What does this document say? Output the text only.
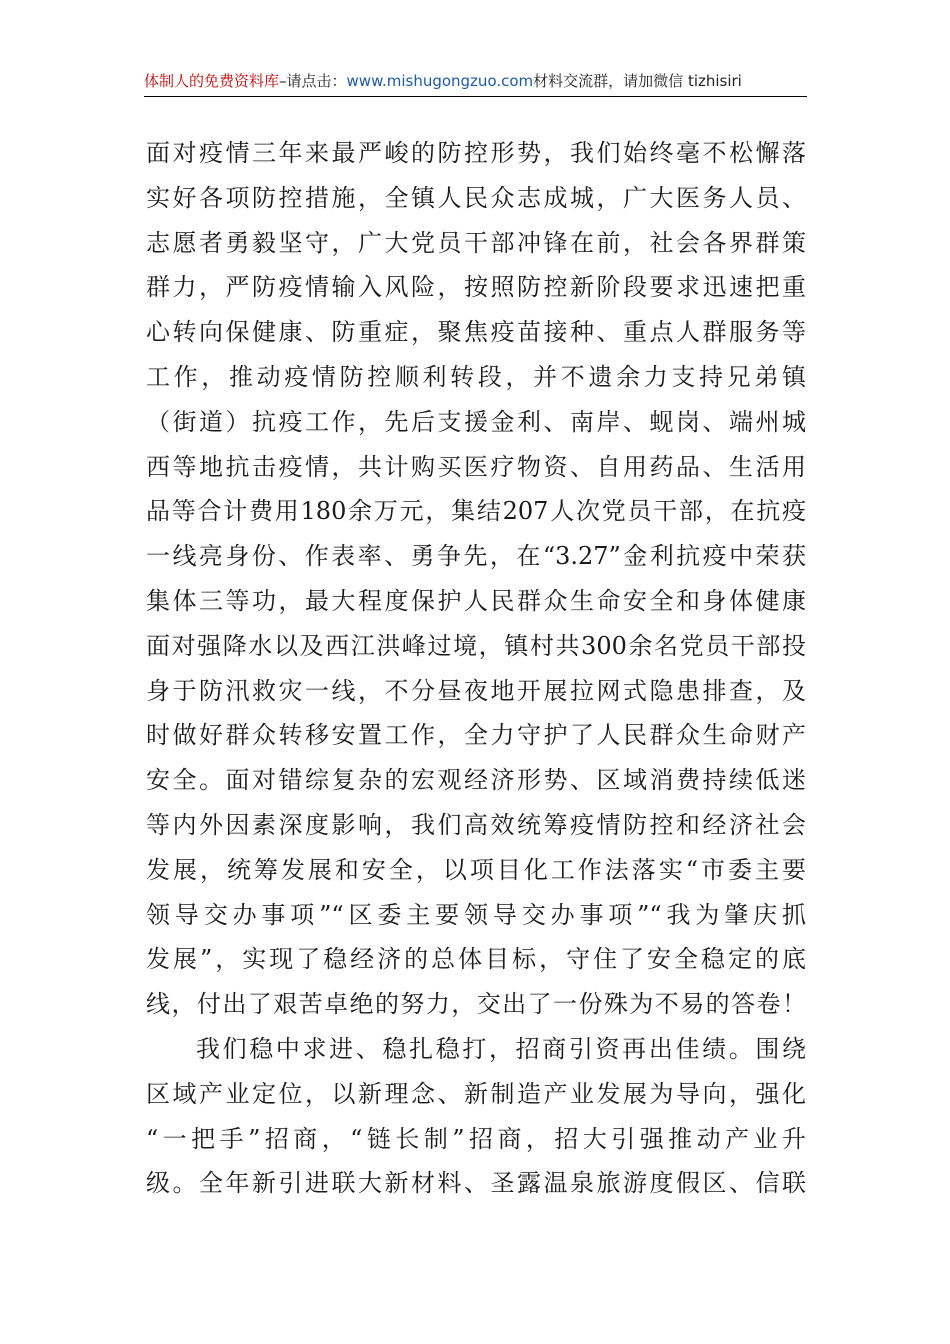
体制人的免费资料库–请点击：www.mishugongzuo.com材料交流群，请加微信 tizhisiri
面对疫情三年来最严峻的防控形势，我们始终毫不松懈落
实好各项防控措施，全镇人民众志成城，广大医务人员、
志愿者勇毅坚守，广大党员干部冲锋在前，社会各界群策
群力，严防疫情输入风险，按照防控新阶段要求迅速把重
心转向保健康、防重症，聚焦疫苗接种、重点人群服务等
工作，推动疫情防控顺利转段，并不遗余力支持兄弟镇
（街道）抗疫工作，先后支援金利、南岸、蚬岗、端州城
西等地抗击疫情，共计购买医疗物资、自用药品、生活用
品等合计费用180余万元，集结207人次党员干部，在抗疫
一线亮身份、作表率、勇争先，在“3.27”金利抗疫中荣获
集体三等功，最大程度保护人民群众生命安全和身体健康
面对强降水以及西江洪峰过境，镇村共300余名党员干部投
身于防汛救灾一线，不分昼夜地开展拉网式隐患排查，及
时做好群众转移安置工作，全力守护了人民群众生命财产
安全。面对错综复杂的宏观经济形势、区域消费持续低迷
等内外因素深度影响，我们高效统筹疫情防控和经济社会
发展，统筹发展和安全，以项目化工作法落实“市委主要
领导交办事项”“区委主要领导交办事项”“我为肇庆抓
发展”，实现了稳经济的总体目标，守住了安全稳定的底
线，付出了艰苦卓绝的努力，交出了一份殊为不易的答卷！
我们稳中求进、稳扎稳打，招商引资再出佳绩。围绕
区域产业定位，以新理念、新制造产业发展为导向，强化
“一把手”招商，“链长制”招商，招大引强推动产业升
级。全年新引进联大新材料、圣露温泉旅游度假区、信联
